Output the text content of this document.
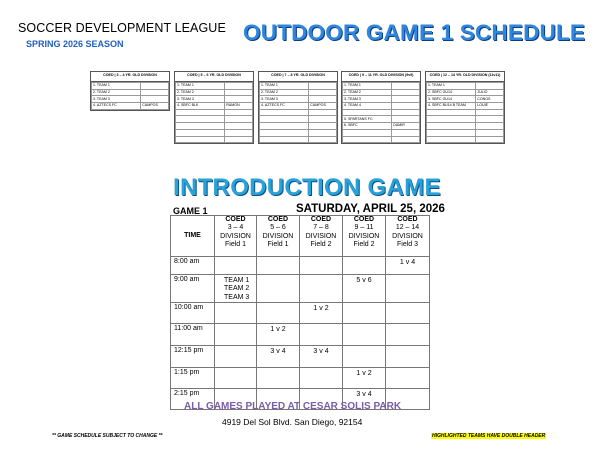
SOCCER DEVELOPMENT LEAGUE
SPRING 2026 SEASON	OUTDOOR GAME 1 SCHEDULE
COED | 3 – 4 YR. OLD DIVISION
1. TEAM 1	
2. TEAM 2	
3. TEAM 3	
4. AZTECS FC	CAMPOS
COED | 5 – 6 YR. OLD DIVISION
1. TEAM 1	
2. TEAM 2	
3. TEAM 3	
4. SBFC BLK	RAMON

COED | 7 – 8 YR. OLD DIVISION
1. TEAM 1	
2. TEAM 2	
3. TEAM 3	
4. AZTECS FC	CAMPOS

COED | 9 – 11 YR. OLD DIVISION (9v9)
1. TEAM 1	
2. TEAM 2	
3. TEAM 3	
4. TEAM 4	

5. SPARTANS FC	
6. SBFC	DAMIR

COED | 12 – 14 YR. OLD DIVISION (11v11)
1. TEAM 1	
2. SBFC GU14	JULIO
3. SBFC GU14	CONOS
4. SBFC BU14 B TEAM	LOUIE

INTRODUCTION GAME
GAME 1	SATURDAY, APRIL 25, 2026
TIME	COED
3 – 4
DIVISION
Field 1	COED
5 – 6
DIVISION
Field 1	COED
7 – 8
DIVISION
Field 2	COED
9 – 11
DIVISION
Field 2	COED
12 – 14
DIVISION
Field 3
8:00 am					1 v 4
9:00 am	TEAM 1
TEAM 2
TEAM 3			5 v 6	
10:00 am			1 v 2		
11:00 am		1 v 2			
12:15 pm		3 v 4	3 v 4		
1:15 pm				1 v 2	
2:15 pm				3 v 4	
ALL GAMES PLAYED AT CESAR SOLIS PARK
4919 Del Sol Blvd. San Diego, 92154
** GAME SCHEDULE SUBJECT TO CHANGE **	HIGHLIGHTED TEAMS HAVE DOUBLE HEADER
